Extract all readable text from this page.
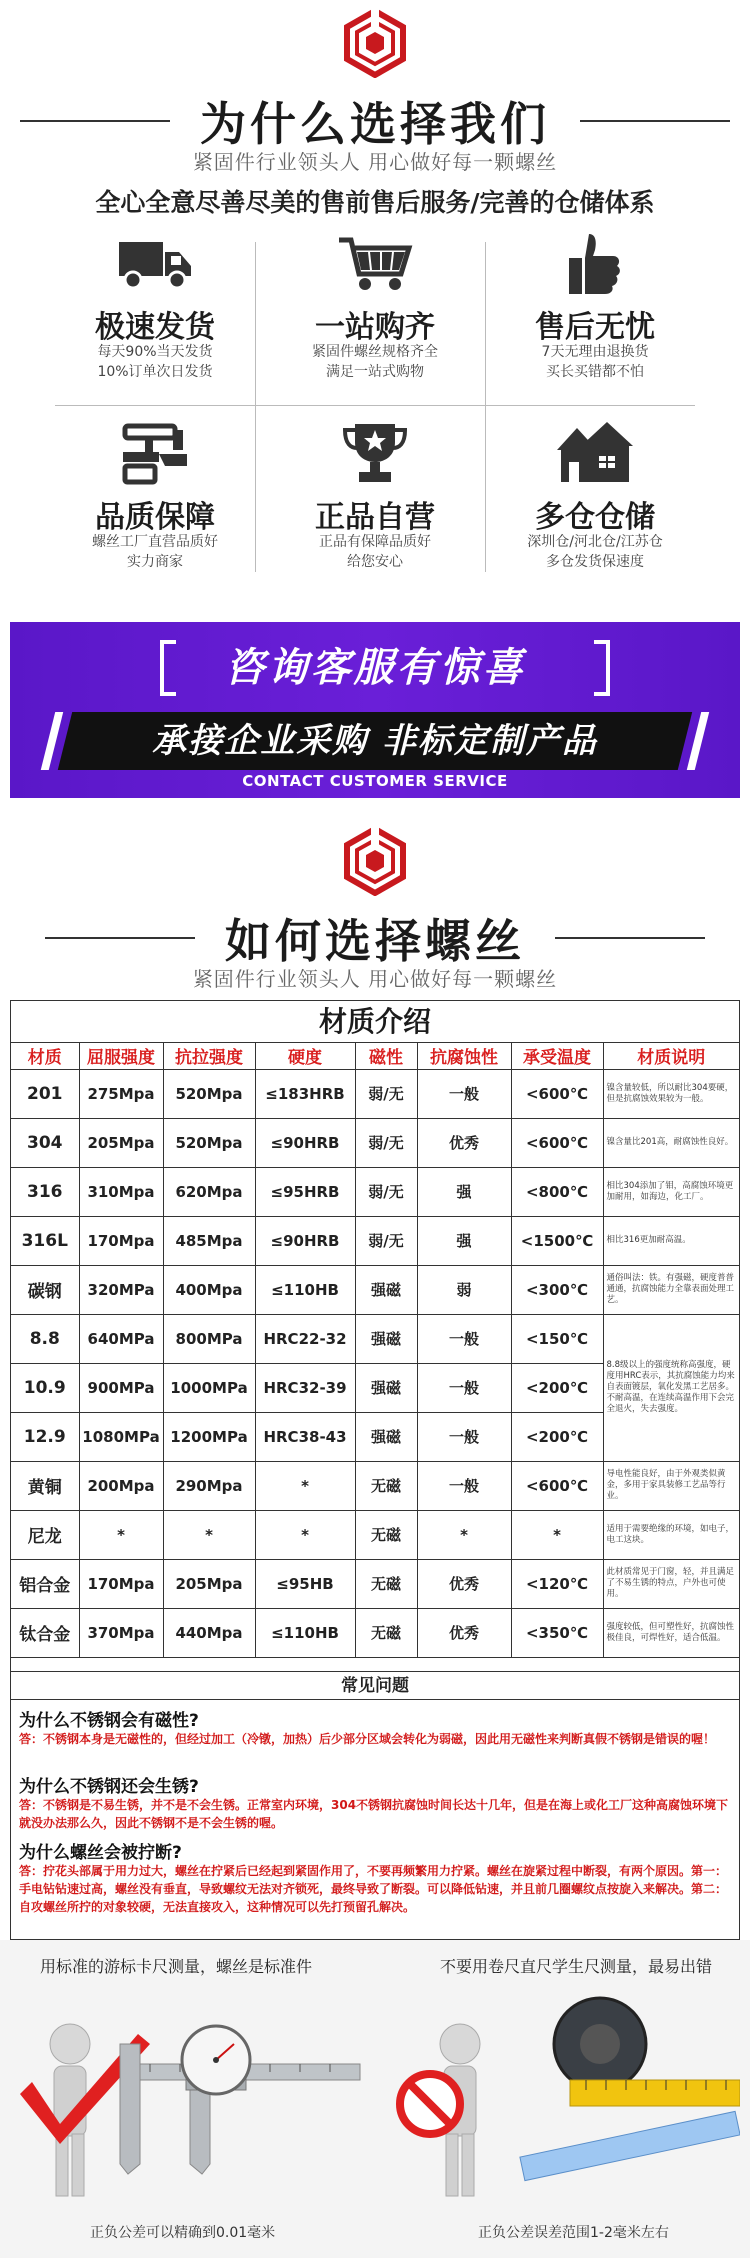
为什么选择我们
紧固件行业领头人 用心做好每一颗螺丝
全心全意尽善尽美的售前售后服务/完善的仓储体系
极速发货
每天90%当天发货
10%订单次日发货
一站购齐
紧固件螺丝规格齐全
满足一站式购物
售后无忧
7天无理由退换货
买长买错都不怕
品质保障
螺丝工厂直营品质好
实力商家
正品自营
正品有保障品质好
给您安心
多仓仓储
深圳仓/河北仓/江苏仓
多仓发货保速度
咨询客服有惊喜
承接企业采购 非标定制产品
CONTACT CUSTOMER SERVICE
如何选择螺丝
紧固件行业领头人 用心做好每一颗螺丝
材质介绍
材质	屈服强度	抗拉强度	硬度	磁性	抗腐蚀性	承受温度	材质说明
201	275Mpa	520Mpa	≤183HRB	弱/无	一般	<600℃	镍含量较低，所以耐比304要硬，但是抗腐蚀效果较为一般。
304	205Mpa	520Mpa	≤90HRB	弱/无	优秀	<600℃	镍含量比201高，耐腐蚀性良好。
316	310Mpa	620Mpa	≤95HRB	弱/无	强	<800℃	相比304添加了钼，高腐蚀环境更加耐用，如海边，化工厂。
316L	170Mpa	485Mpa	≤90HRB	弱/无	强	<1500℃	相比316更加耐高温。
碳钢	320MPa	400Mpa	≤110HB	强磁	弱	<300℃	通俗叫法：铁。有强磁，硬度普普通通，抗腐蚀能力全靠表面处理工艺。
8.8	640MPa	800MPa	HRC22-32	强磁	一般	<150℃	8.8级以上的强度统称高强度，硬度用HRC表示，其抗腐蚀能力均来自表面镀层，氧化发黑工艺居多。不耐高温，在连续高温作用下会完全退火，失去强度。
10.9	900MPa	1000MPa	HRC32-39	强磁	一般	<200℃	
12.9	1080MPa	1200MPa	HRC38-43	强磁	一般	<200℃	
黄铜	200Mpa	290Mpa	*	无磁	一般	<600℃	导电性能良好，由于外观类似黄金，多用于家具装修工艺品等行业。
尼龙	*	*	*	无磁	*	*	适用于需要绝缘的环境，如电子，电工这块。
铝合金	170Mpa	205Mpa	≤95HB	无磁	优秀	<120℃	此材质常见于门窗，轻，并且满足了不易生锈的特点，户外也可使用。
钛合金	370Mpa	440Mpa	≤110HB	无磁	优秀	<350℃	强度较低，但可塑性好，抗腐蚀性极佳良，可焊性好，适合低温。
常见问题
为什么不锈钢会有磁性?
答：不锈钢本身是无磁性的，但经过加工（冷镦，加热）后少部分区域会转化为弱磁，因此用无磁性来判断真假不锈钢是错误的喔！
为什么不锈钢还会生锈?
答：不锈钢是不易生锈，并不是不会生锈。正常室内环境，304不锈钢抗腐蚀时间长达十几年，但是在海上或化工厂这种高腐蚀环境下就没办法那么久，因此不锈钢不是不会生锈的喔。
为什么螺丝会被拧断?
答：拧花头部属于用力过大，螺丝在拧紧后已经起到紧固作用了，不要再频繁用力拧紧。螺丝在旋紧过程中断裂，有两个原因。第一：手电钻钻速过高，螺丝没有垂直，导致螺纹无法对齐锁死，最终导致了断裂。可以降低钻速，并且前几圈螺纹点按旋入来解决。第二：自攻螺丝所拧的对象较硬，无法直接攻入，这种情况可以先打预留孔解决。
用标准的游标卡尺测量，螺丝是标准件	不要用卷尺直尺学生尺测量，最易出错
正负公差可以精确到0.01毫米	正负公差误差范围1-2毫米左右
